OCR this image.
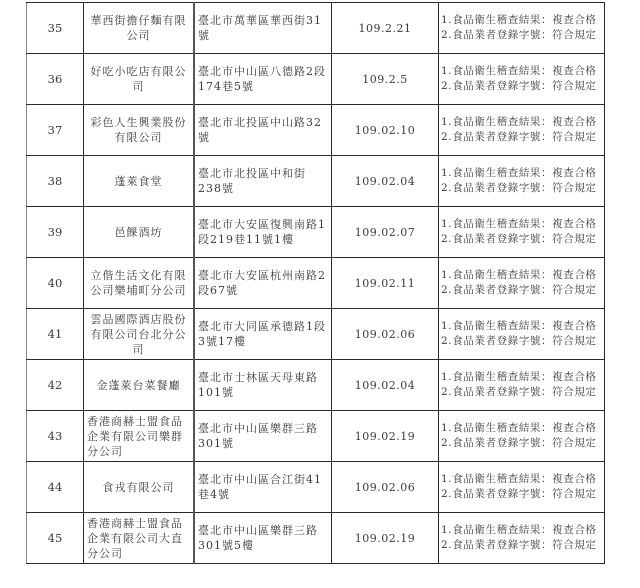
35	華西街擔仔麵有限公司	臺北市萬華區華西街31號	109.2.21	1.食品衛生稽查結果：複查合格
2.食品業者登錄字號：符合規定

36	好吃小吃店有限公司	臺北市中山區八德路2段174巷5號	109.2.5	1.食品衛生稽查結果：複查合格
2.食品業者登錄字號：符合規定

37	彩色人生興業股份有限公司	臺北市北投區中山路32號	109.02.10	1.食品衛生稽查結果：複查合格
2.食品業者登錄字號：符合規定

38	蓬萊食堂	臺北市北投區中和街238號	109.02.04	1.食品衛生稽查結果：複查合格
2.食品業者登錄字號：符合規定

39	邑餜酒坊	臺北市大安區復興南路1段219巷11號1樓	109.02.07	1.食品衛生稽查結果：複查合格
2.食品業者登錄字號：符合規定

40	立偕生活文化有限公司樂埔町分公司	臺北市大安區杭州南路2段67號	109.02.11	1.食品衛生稽查結果：複查合格
2.食品業者登錄字號：符合規定

41	雲品國際酒店股份有限公司台北分公司	臺北市大同區承德路1段3號17樓	109.02.06	1.食品衛生稽查結果：複查合格
2.食品業者登錄字號：符合規定

42	金蓬萊台菜餐廳	臺北市士林區天母東路101號	109.02.04	1.食品衛生稽查結果：複查合格
2.食品業者登錄字號：符合規定

43	香港商赫士盟食品企業有限公司樂群分公司	臺北市中山區樂群三路301號	109.02.19	1.食品衛生稽查結果：複查合格
2.食品業者登錄字號：符合規定

44	食戎有限公司	臺北市中山區合江街41巷4號	109.02.06	1.食品衛生稽查結果：複查合格
2.食品業者登錄字號：符合規定

45	香港商赫士盟食品企業有限公司大直分公司	臺北市中山區樂群三路301號5樓	109.02.19	1.食品衛生稽查結果：複查合格
2.食品業者登錄字號：符合規定
